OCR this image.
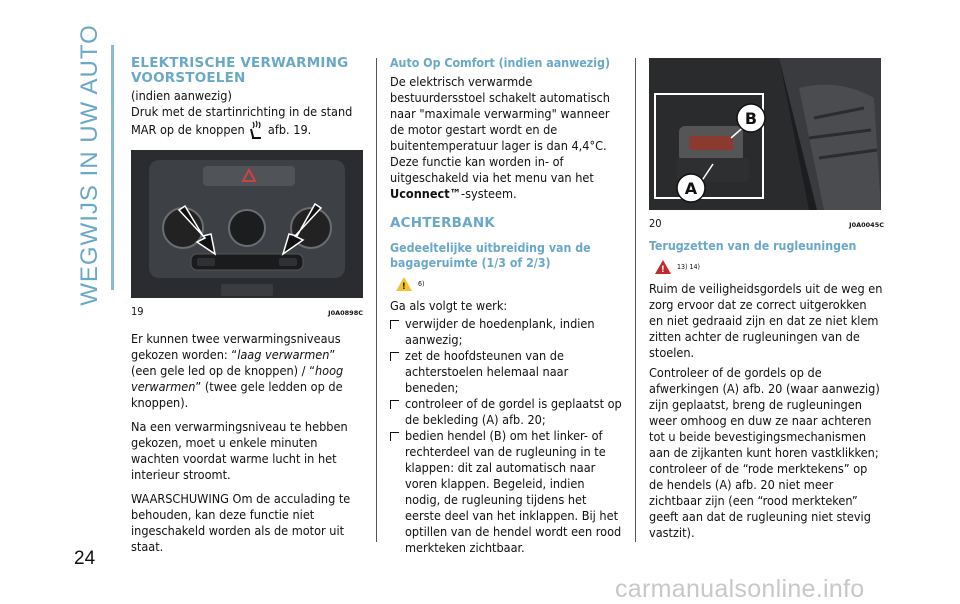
WEGWIJS IN UW AUTO
24
ELEKTRISCHE VERWARMING VOORSTOELEN

(indien aanwezig)

Druk met de startinrichting in de stand MAR op de knoppen afb. 19.

19	J0A0898C

Er kunnen twee verwarmingsniveaus gekozen worden: “laag verwarmen” (een gele led op de knoppen) / “hoog verwarmen” (twee gele ledden op de knoppen).

Na een verwarmingsniveau te hebben gekozen, moet u enkele minuten wachten voordat warme lucht in het interieur stroomt.

WAARSCHUWING Om de acculading te behouden, kan deze functie niet ingeschakeld worden als de motor uit staat.

Auto Op Comfort (indien aanwezig)

De elektrisch verwarmde bestuurdersstoel schakelt automatisch naar "maximale verwarming" wanneer de motor gestart wordt en de buitentemperatuur lager is dan 4,4°C. Deze functie kan worden in- of uitgeschakeld via het menu van het Uconnect™-systeem.

ACHTERBANK
Gedeeltelijke uitbreiding van de bagageruimte (1/3 of 2/3)
!
6)

Ga als volgt te werk:

verwijder de hoedenplank, indien aanwezig;
zet de hoofdsteunen van de achterstoelen helemaal naar beneden;
controleer of de gordel is geplaatst op de bekleding (A) afb. 20;
bedien hendel (B) om het linker- of rechterdeel van de rugleuning in te klappen: dit zal automatisch naar voren klappen. Begeleid, indien nodig, de rugleuning tijdens het eerste deel van het inklappen. Bij het optillen van de hendel wordt een rood merkteken zichtbaar.
A
B
20	J0A0045C
Terugzetten van de rugleuningen
!
13) 14)

Ruim de veiligheidsgordels uit de weg en zorg ervoor dat ze correct uitgerokken en niet gedraaid zijn en dat ze niet klem zitten achter de rugleuningen van de stoelen.

Controleer of de gordels op de afwerkingen (A) afb. 20 (waar aanwezig) zijn geplaatst, breng de rugleuningen weer omhoog en duw ze naar achteren tot u beide bevestigingsmechanismen aan de zijkanten kunt horen vastklikken; controleer of de “rode merktekens” op de hendels (A) afb. 20 niet meer zichtbaar zijn (een “rood merkteken” geeft aan dat de rugleuning niet stevig vastzit).

carmanualsonline.info
